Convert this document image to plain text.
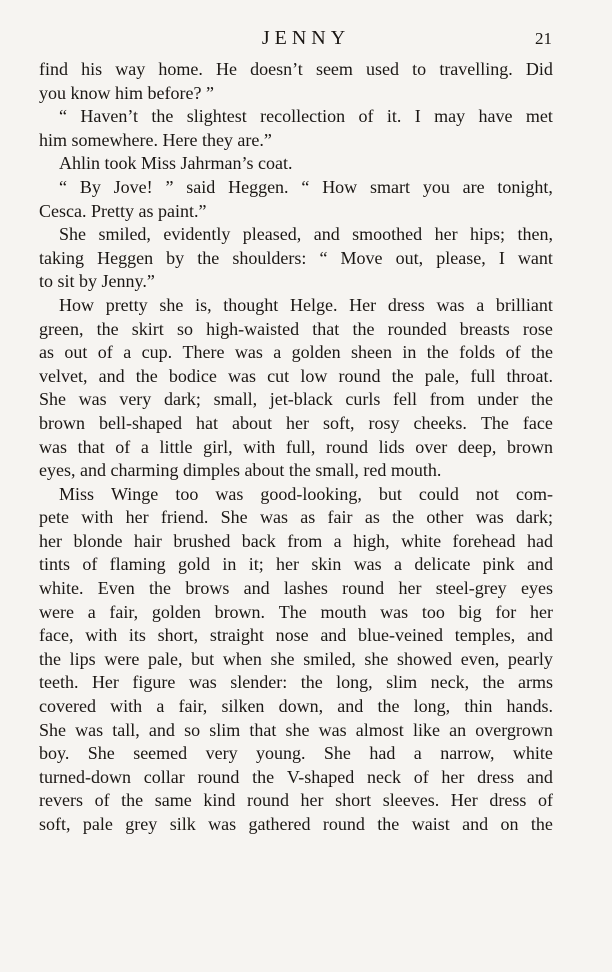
JENNY	21
find his way home. He doesn’t seem used to travelling. Did
you know him before? ”
“ Haven’t the slightest recollection of it. I may have met
him somewhere. Here they are.”
Ahlin took Miss Jahrman’s coat.
“ By Jove! ” said Heggen. “ How smart you are tonight,
Cesca. Pretty as paint.”
She smiled, evidently pleased, and smoothed her hips; then,
taking Heggen by the shoulders: “ Move out, please, I want
to sit by Jenny.”
How pretty she is, thought Helge. Her dress was a brilliant
green, the skirt so high-waisted that the rounded breasts rose
as out of a cup. There was a golden sheen in the folds of the
velvet, and the bodice was cut low round the pale, full throat.
She was very dark; small, jet-black curls fell from under the
brown bell-shaped hat about her soft, rosy cheeks. The face
was that of a little girl, with full, round lids over deep, brown
eyes, and charming dimples about the small, red mouth.
Miss Winge too was good-looking, but could not com-
pete with her friend. She was as fair as the other was dark;
her blonde hair brushed back from a high, white forehead had
tints of flaming gold in it; her skin was a delicate pink and
white. Even the brows and lashes round her steel-grey eyes
were a fair, golden brown. The mouth was too big for her
face, with its short, straight nose and blue-veined temples, and
the lips were pale, but when she smiled, she showed even, pearly
teeth. Her figure was slender: the long, slim neck, the arms
covered with a fair, silken down, and the long, thin hands.
She was tall, and so slim that she was almost like an overgrown
boy. She seemed very young. She had a narrow, white
turned-down collar round the V-shaped neck of her dress and
revers of the same kind round her short sleeves. Her dress of
soft, pale grey silk was gathered round the waist and on the
